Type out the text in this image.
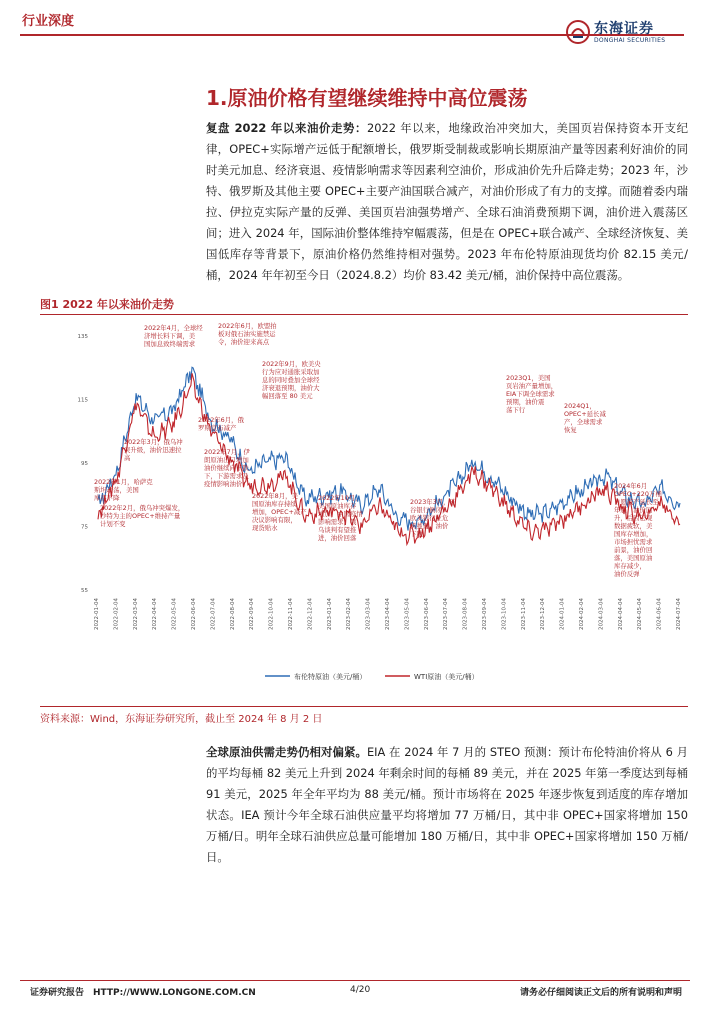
行业深度	东海证券
DONGHAI SECURITIES
1.原油价格有望继续维持中高位震荡
复盘 2022 年以来油价走势：2022 年以来，地缘政治冲突加大，美国页岩保持资本开支纪律，OPEC+实际增产远低于配额增长，俄罗斯受制裁或影响长期原油产量等因素利好油价的同时美元加息、经济衰退、疫情影响需求等因素利空油价，形成油价先升后降走势；2023 年，沙特、俄罗斯及其他主要 OPEC+主要产油国联合减产，对油价形成了有力的支撑。而随着委内瑞拉、伊拉克实际产量的反弹、美国页岩油强势增产、全球石油消费预期下调，油价进入震荡区间；进入 2024 年，国际油价整体维持窄幅震荡，但是在 OPEC+联合减产、全球经济恢复、美国低库存等背景下，原油价格仍然维持相对强势。2023 年布伦特原油现货均价 82.15 美元/桶，2024 年年初至今日（2024.8.2）均价 83.42 美元/桶，油价保持中高位震荡。
图1 2022 年以来油价走势
135
115
95
75
55
2022-01-04 2022-02-04 2022-03-04 2022-04-04 2022-05-04 2022-06-04 2022-07-04 2022-08-04 2022-09-04 2022-10-04 2022-11-04 2022-12-04 2023-01-04 2023-02-04 2023-03-04 2023-04-04 2023-05-04 2023-06-04 2023-07-04 2023-08-04 2023-09-04 2023-10-04 2023-11-04 2023-12-04 2024-01-04 2024-02-04 2024-03-04 2024-04-04 2024-05-04 2024-06-04 2024-07-04
2022年4月，全球经
济增长料下调，美
国加息致终端需求
2022年6月，欧盟拍
板对俄石油实施禁运
令，油价迎来高点
2022年9月，欧美央
行为应对通胀采取加
息的同时叠加全球经
济衰退预期，油价大
幅回落至 80 美元
2022年3月，俄乌冲
突升级，油价迅速拉
高
2022年6月，俄
罗斯宣布减产
2022年7月，伊
朗原油出口增加
油价继续向下跌
下，下游需求及
疫情影响油价
2022年1月，哈萨克
斯坦动荡，美国
库存下降
2022年2月，俄乌冲突爆发，
沙特为主的OPEC+维持产量
计划不变
2022年8月，美
国原油库存持续
增加，OPEC+减产
决议影响有限，
现货贴水
2022年10月，
美国原油库存
增加，中国疫情
影响需求，俄
乌谈判有望推
进，油价回落
2023年3月，硅
谷银行倒闭，
欧美银行业危
机蔓延，油价
下跌
2023Q1，美国
页岩油产量增加，
EIA下调全球需求
预期，油价震
荡下行	2024Q1，
OPEC+延长减
产，全球需求
恢复
2024年6月
OPEC+220万桶
自愿减产延长至
年底，油价回
升，后因宏观
数据疲软，美
国库存增加，
市场担忧需求
前景，油价回
落，美国原油
库存减少，
油价反弹
布伦特原油（美元/桶）	WTI原油（美元/桶）
资料来源：Wind，东海证券研究所，截止至 2024 年 8 月 2 日
全球原油供需走势仍相对偏紧。EIA 在 2024 年 7 月的 STEO 预测：预计布伦特油价将从 6 月的平均每桶 82 美元上升到 2024 年剩余时间的每桶 89 美元，并在 2025 年第一季度达到每桶 91 美元，2025 年全年平均为 88 美元/桶。预计市场将在 2025 年逐步恢复到适度的库存增加状态。IEA 预计今年全球石油供应量平均将增加 77 万桶/日，其中非 OPEC+国家将增加 150 万桶/日。明年全球石油供应总量可能增加 180 万桶/日，其中非 OPEC+国家将增加 150 万桶/日。
证券研究报告　HTTP://WWW.LONGONE.COM.CN	4/20	请务必仔细阅读正文后的所有说明和声明
